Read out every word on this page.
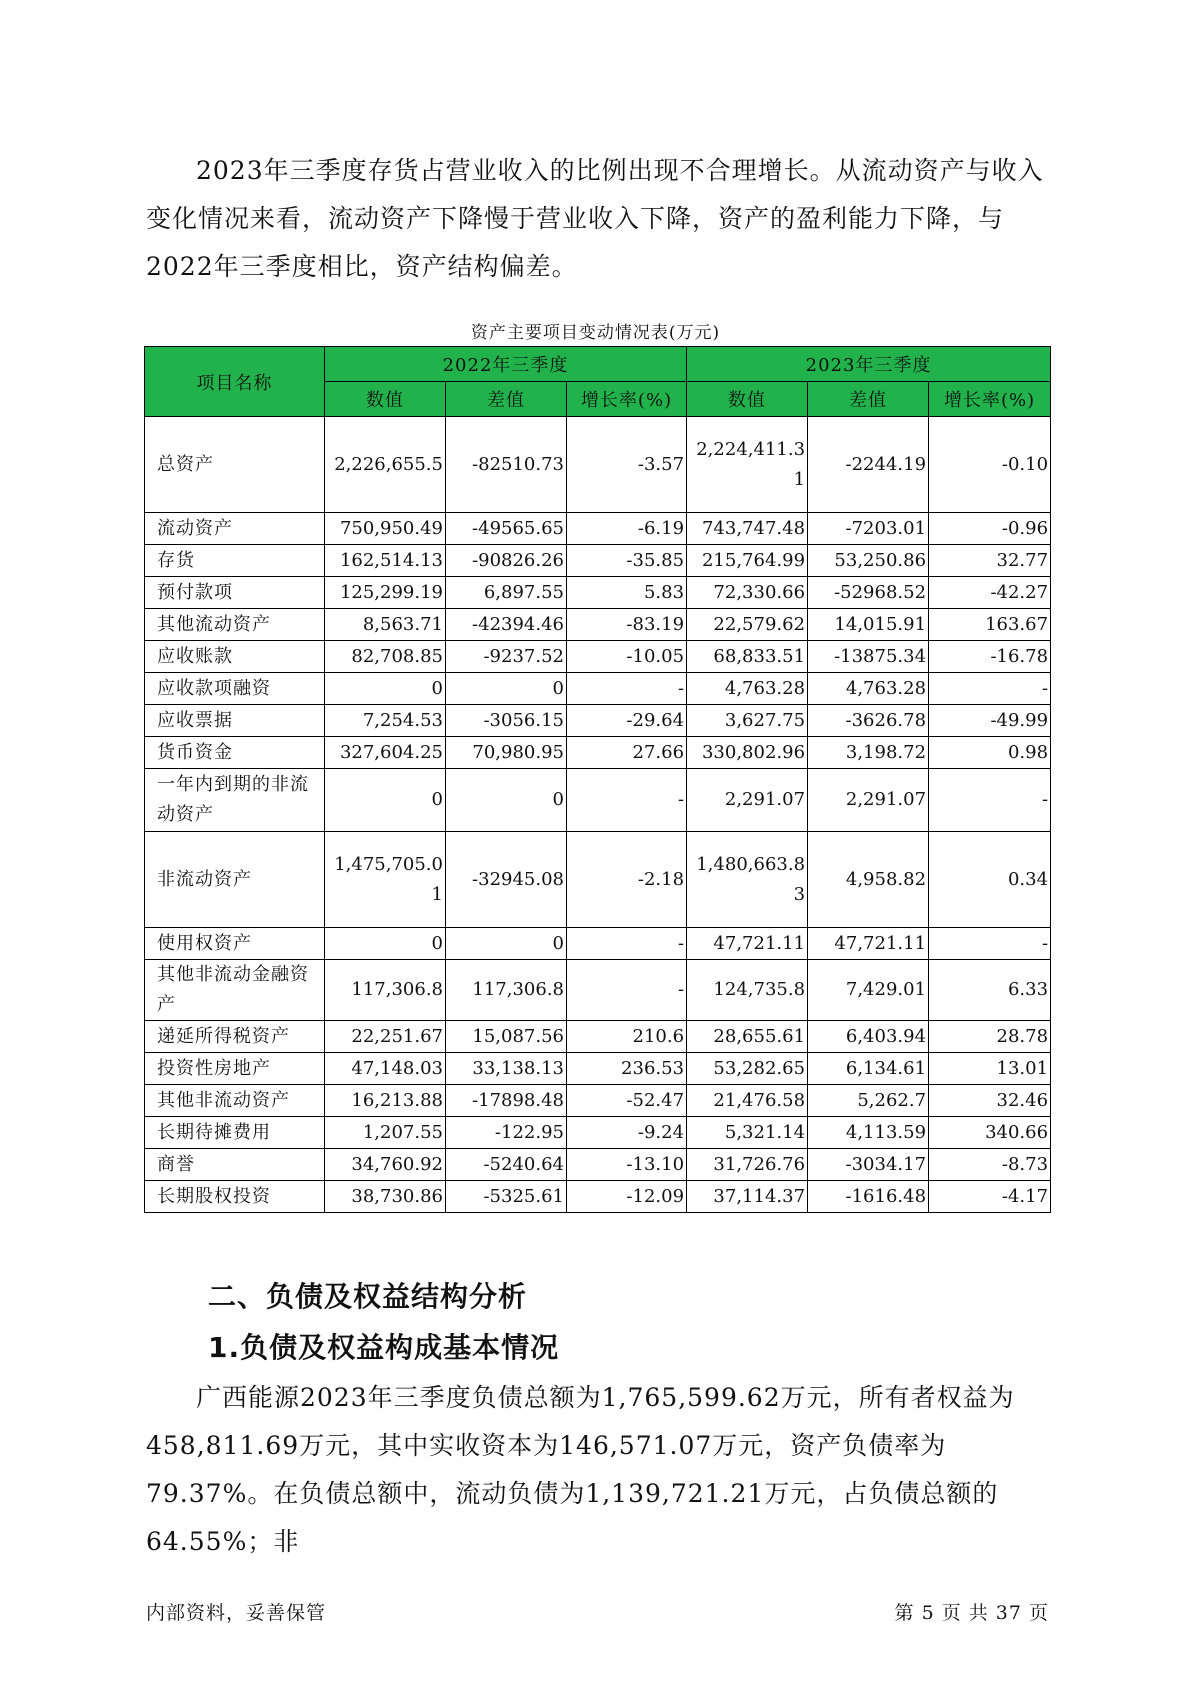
2023年三季度存货占营业收入的比例出现不合理增长。从流动资产与收入变化情况来看，流动资产下降慢于营业收入下降，资产的盈利能力下降，与2022年三季度相比，资产结构偏差。

资产主要项目变动情况表(万元)
项目名称	2022年三季度			2023年三季度		
	数值	差值	增长率(%)	数值	差值	增长率(%)
总资产	2,226,655.5	-82510.73	-3.57	2,224,411.31	-2244.19	-0.10
流动资产	750,950.49	-49565.65	-6.19	743,747.48	-7203.01	-0.96
存货	162,514.13	-90826.26	-35.85	215,764.99	53,250.86	32.77
预付款项	125,299.19	6,897.55	5.83	72,330.66	-52968.52	-42.27
其他流动资产	8,563.71	-42394.46	-83.19	22,579.62	14,015.91	163.67
应收账款	82,708.85	-9237.52	-10.05	68,833.51	-13875.34	-16.78
应收款项融资	0	0	-	4,763.28	4,763.28	-
应收票据	7,254.53	-3056.15	-29.64	3,627.75	-3626.78	-49.99
货币资金	327,604.25	70,980.95	27.66	330,802.96	3,198.72	0.98
一年内到期的非流动资产	0	0	-	2,291.07	2,291.07	-
非流动资产	1,475,705.01	-32945.08	-2.18	1,480,663.83	4,958.82	0.34
使用权资产	0	0	-	47,721.11	47,721.11	-
其他非流动金融资产	117,306.8	117,306.8	-	124,735.8	7,429.01	6.33
递延所得税资产	22,251.67	15,087.56	210.6	28,655.61	6,403.94	28.78
投资性房地产	47,148.03	33,138.13	236.53	53,282.65	6,134.61	13.01
其他非流动资产	16,213.88	-17898.48	-52.47	21,476.58	5,262.7	32.46
长期待摊费用	1,207.55	-122.95	-9.24	5,321.14	4,113.59	340.66
商誉	34,760.92	-5240.64	-13.10	31,726.76	-3034.17	-8.73
长期股权投资	38,730.86	-5325.61	-12.09	37,114.37	-1616.48	-4.17
二、负债及权益结构分析
1.负债及权益构成基本情况

广西能源2023年三季度负债总额为1,765,599.62万元，所有者权益为458,811.69万元，其中实收资本为146,571.07万元，资产负债率为79.37%。在负债总额中，流动负债为1,139,721.21万元，占负债总额的64.55%；非

内部资料，妥善保管	第 5 页 共 37 页
